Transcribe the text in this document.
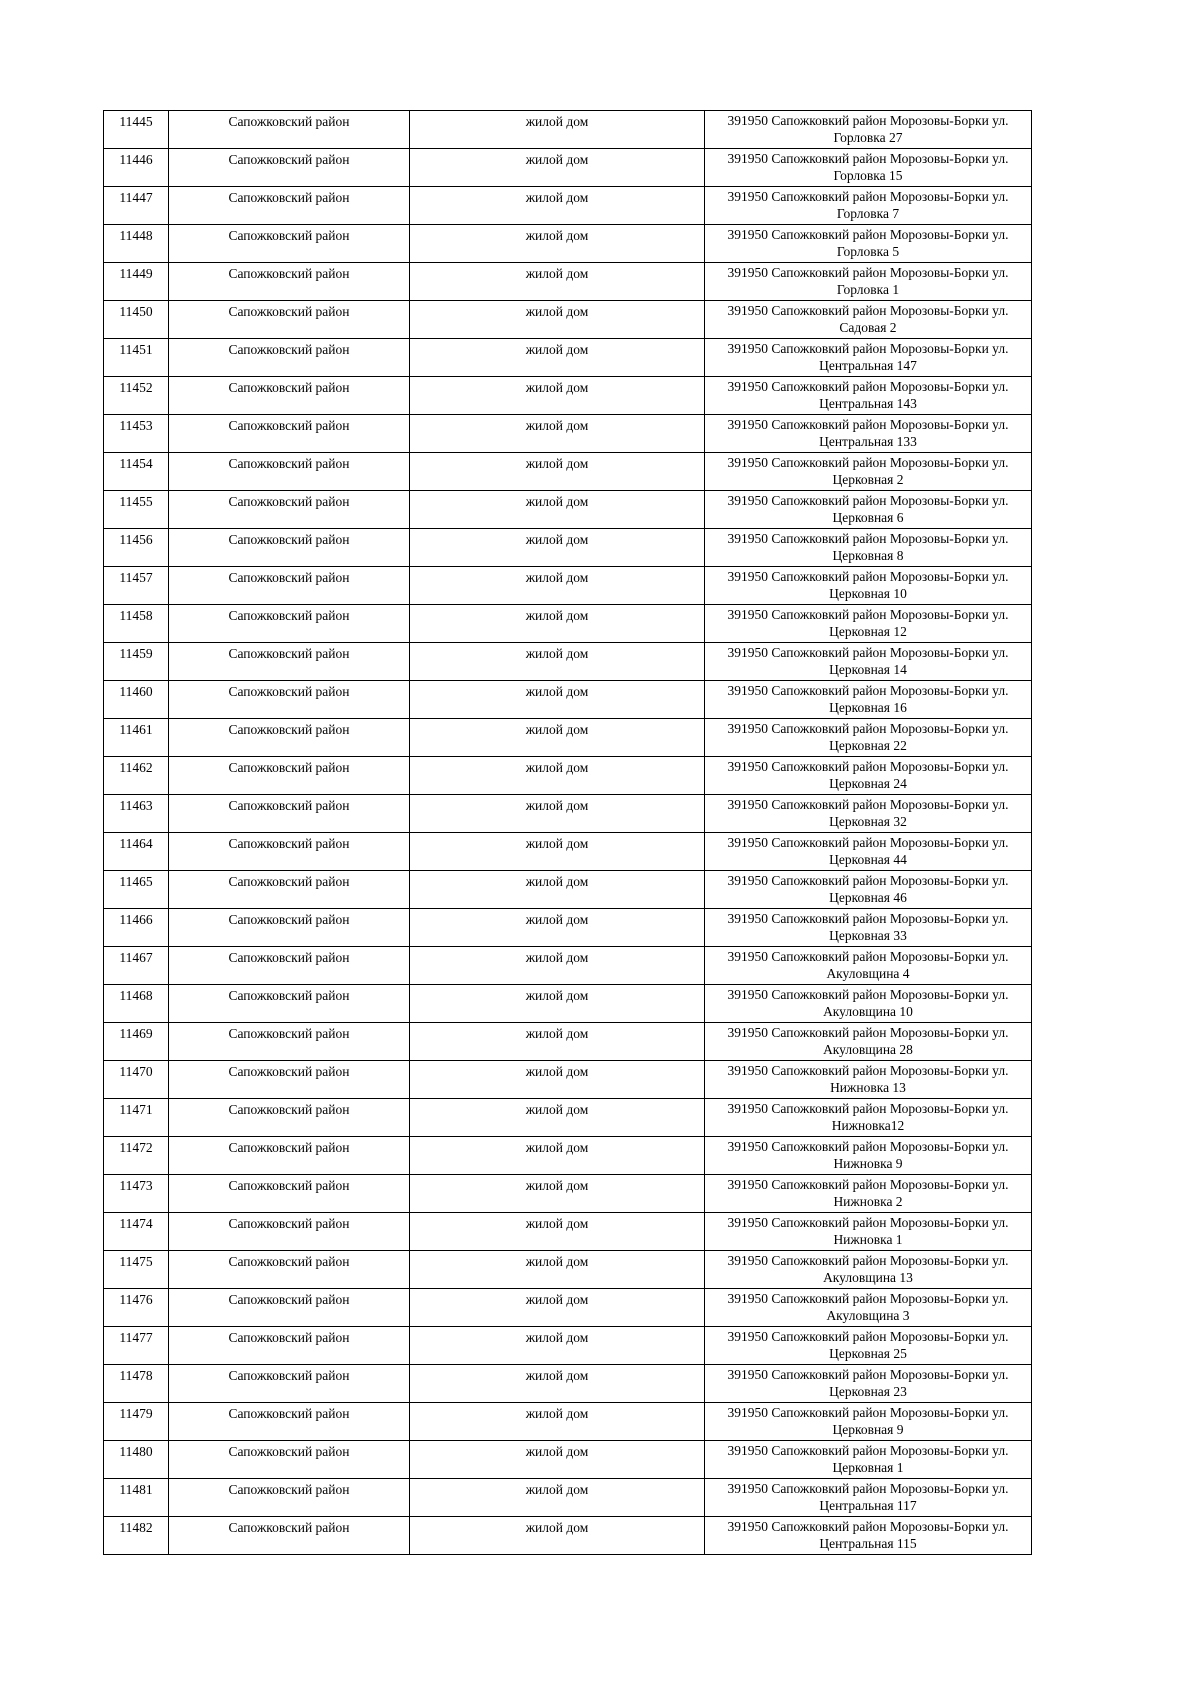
11445	Сапожковский район	жилой дом	391950 Сапожковкий район Морозовы-Борки ул.
Горловка 27

11446	Сапожковский район	жилой дом	391950 Сапожковкий район Морозовы-Борки ул.
Горловка 15

11447	Сапожковский район	жилой дом	391950 Сапожковкий район Морозовы-Борки ул.
Горловка 7

11448	Сапожковский район	жилой дом	391950 Сапожковкий район Морозовы-Борки ул.
Горловка 5

11449	Сапожковский район	жилой дом	391950 Сапожковкий район Морозовы-Борки ул.
Горловка 1

11450	Сапожковский район	жилой дом	391950 Сапожковкий район Морозовы-Борки ул.
Садовая 2

11451	Сапожковский район	жилой дом	391950 Сапожковкий район Морозовы-Борки ул.
Центральная 147

11452	Сапожковский район	жилой дом	391950 Сапожковкий район Морозовы-Борки ул.
Центральная 143

11453	Сапожковский район	жилой дом	391950 Сапожковкий район Морозовы-Борки ул.
Центральная 133

11454	Сапожковский район	жилой дом	391950 Сапожковкий район Морозовы-Борки ул.
Церковная 2

11455	Сапожковский район	жилой дом	391950 Сапожковкий район Морозовы-Борки ул.
Церковная 6

11456	Сапожковский район	жилой дом	391950 Сапожковкий район Морозовы-Борки ул.
Церковная 8

11457	Сапожковский район	жилой дом	391950 Сапожковкий район Морозовы-Борки ул.
Церковная 10

11458	Сапожковский район	жилой дом	391950 Сапожковкий район Морозовы-Борки ул.
Церковная 12

11459	Сапожковский район	жилой дом	391950 Сапожковкий район Морозовы-Борки ул.
Церковная 14

11460	Сапожковский район	жилой дом	391950 Сапожковкий район Морозовы-Борки ул.
Церковная 16

11461	Сапожковский район	жилой дом	391950 Сапожковкий район Морозовы-Борки ул.
Церковная 22

11462	Сапожковский район	жилой дом	391950 Сапожковкий район Морозовы-Борки ул.
Церковная 24

11463	Сапожковский район	жилой дом	391950 Сапожковкий район Морозовы-Борки ул.
Церковная 32

11464	Сапожковский район	жилой дом	391950 Сапожковкий район Морозовы-Борки ул.
Церковная 44

11465	Сапожковский район	жилой дом	391950 Сапожковкий район Морозовы-Борки ул.
Церковная 46

11466	Сапожковский район	жилой дом	391950 Сапожковкий район Морозовы-Борки ул.
Церковная 33

11467	Сапожковский район	жилой дом	391950 Сапожковкий район Морозовы-Борки ул.
Акуловщина 4

11468	Сапожковский район	жилой дом	391950 Сапожковкий район Морозовы-Борки ул.
Акуловщина 10

11469	Сапожковский район	жилой дом	391950 Сапожковкий район Морозовы-Борки ул.
Акуловщина 28

11470	Сапожковский район	жилой дом	391950 Сапожковкий район Морозовы-Борки ул.
Нижновка 13

11471	Сапожковский район	жилой дом	391950 Сапожковкий район Морозовы-Борки ул.
Нижновка12

11472	Сапожковский район	жилой дом	391950 Сапожковкий район Морозовы-Борки ул.
Нижновка 9

11473	Сапожковский район	жилой дом	391950 Сапожковкий район Морозовы-Борки ул.
Нижновка 2

11474	Сапожковский район	жилой дом	391950 Сапожковкий район Морозовы-Борки ул.
Нижновка 1

11475	Сапожковский район	жилой дом	391950 Сапожковкий район Морозовы-Борки ул.
Акуловщина 13

11476	Сапожковский район	жилой дом	391950 Сапожковкий район Морозовы-Борки ул.
Акуловщина 3

11477	Сапожковский район	жилой дом	391950 Сапожковкий район Морозовы-Борки ул.
Церковная 25

11478	Сапожковский район	жилой дом	391950 Сапожковкий район Морозовы-Борки ул.
Церковная 23

11479	Сапожковский район	жилой дом	391950 Сапожковкий район Морозовы-Борки ул.
Церковная 9

11480	Сапожковский район	жилой дом	391950 Сапожковкий район Морозовы-Борки ул.
Церковная 1

11481	Сапожковский район	жилой дом	391950 Сапожковкий район Морозовы-Борки ул.
Центральная 117

11482	Сапожковский район	жилой дом	391950 Сапожковкий район Морозовы-Борки ул.
Центральная 115
